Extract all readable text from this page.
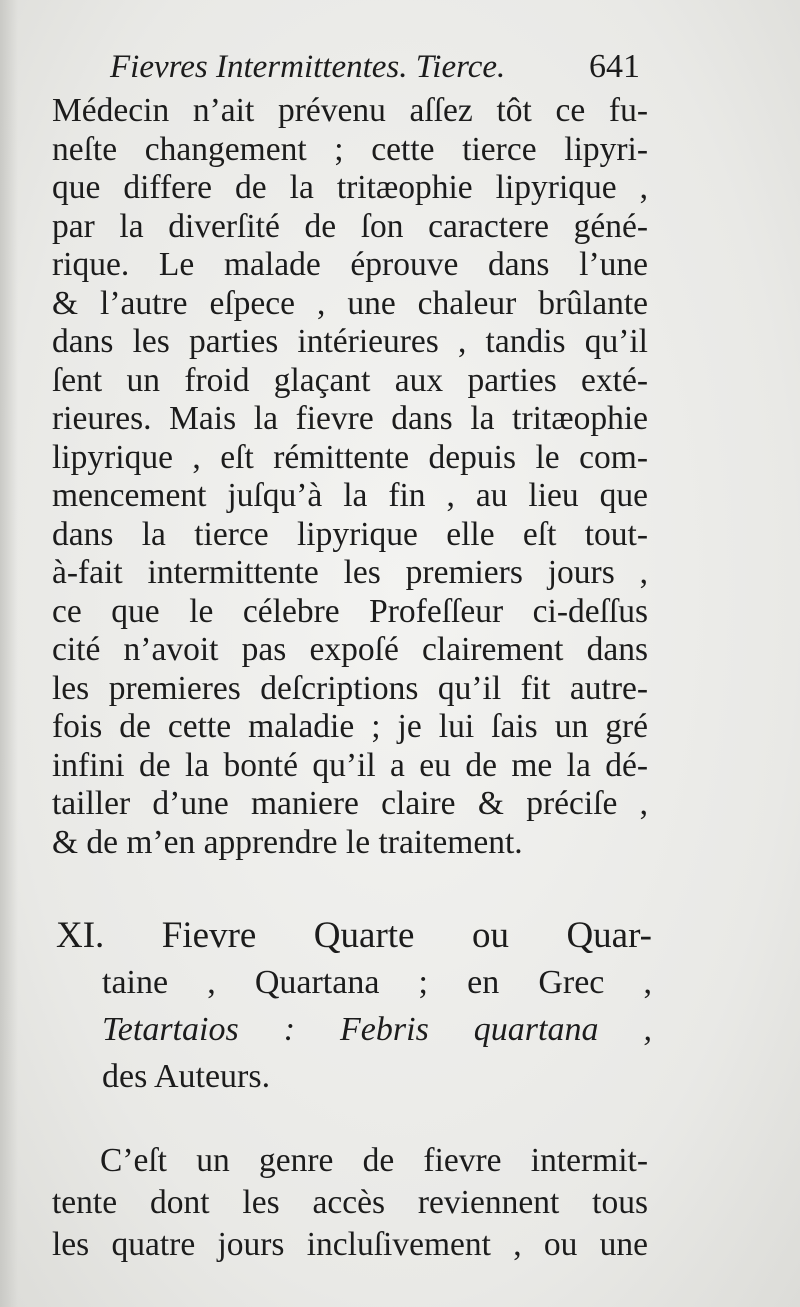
Fievres Intermittentes. Tierce. 641
Médecin n’ait prévenu aſſez tôt ce fu-
neſte changement ; cette tierce lipyri-
que differe de la tritæophie lipyrique ,
par la diverſité de ſon caractere géné-
rique. Le malade éprouve dans l’une
& l’autre eſpece , une chaleur brûlante
dans les parties intérieures , tandis qu’il
ſent un froid glaçant aux parties exté-
rieures. Mais la fievre dans la tritæophie
lipyrique , eſt rémittente depuis le com-
mencement juſqu’à la fin , au lieu que
dans la tierce lipyrique elle eſt tout-
à-fait intermittente les premiers jours ,
ce que le célebre Profeſſeur ci-deſſus
cité n’avoit pas expoſé clairement dans
les premieres deſcriptions qu’il fit autre-
fois de cette maladie ; je lui ſais un gré
infini de la bonté qu’il a eu de me la dé-
tailler d’une maniere claire & préciſe ,
& de m’en apprendre le traitement.
XI. Fievre Quarte ou Quar-
taine , Quartana ; en Grec ,
Tetartaios : Febris quartana ,
des Auteurs.
C’eſt un genre de fievre intermit-
tente dont les accès reviennent tous
les quatre jours incluſivement , ou une
